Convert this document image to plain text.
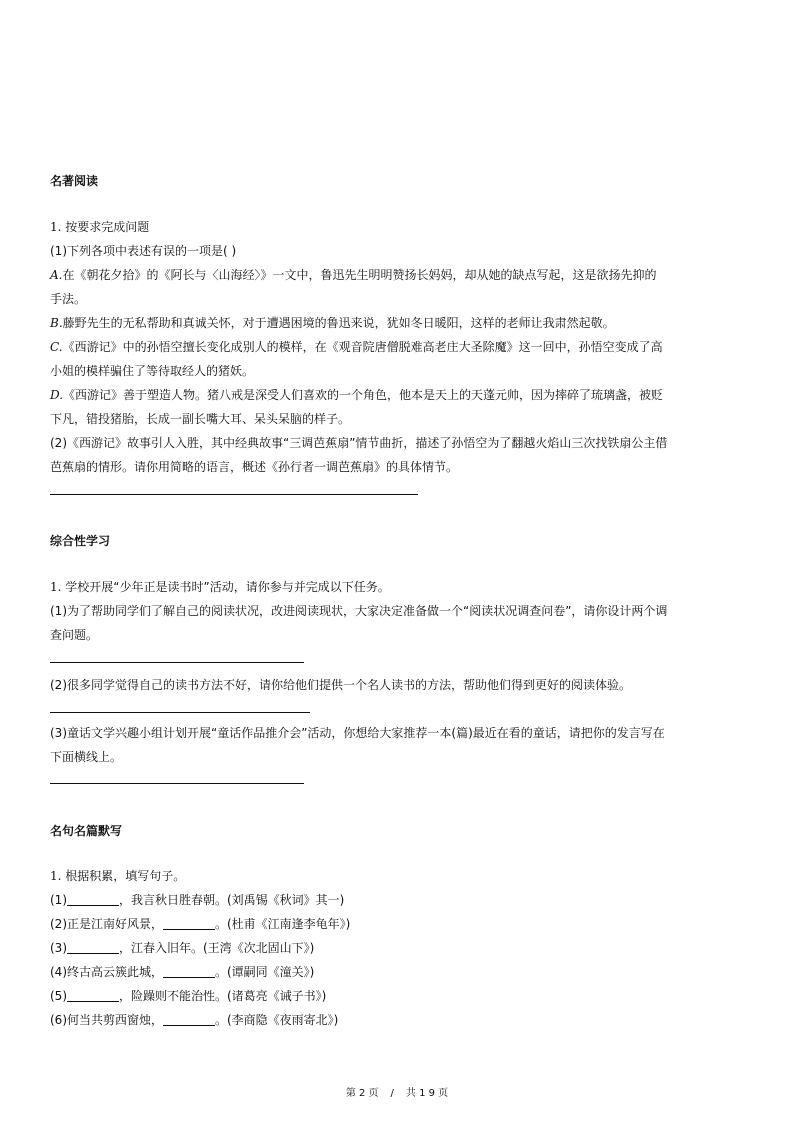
名著阅读
1. 按要求完成问题
(1)下列各项中表述有误的一项是( )
A.在《朝花夕拾》的《阿长与〈山海经〉》一文中，鲁迅先生明明赞扬长妈妈，却从她的缺点写起，这是欲扬先抑的
手法。
B.藤野先生的无私帮助和真诚关怀，对于遭遇困境的鲁迅来说，犹如冬日暖阳，这样的老师让我肃然起敬。
C.《西游记》中的孙悟空擅长变化成别人的模样，在《观音院唐僧脱难高老庄大圣除魔》这一回中，孙悟空变成了高
小姐的模样骗住了等待取经人的猪妖。
D.《西游记》善于塑造人物。猪八戒是深受人们喜欢的一个角色，他本是天上的天蓬元帅，因为摔碎了琉璃盏，被贬
下凡，错投猪胎，长成一副长嘴大耳、呆头呆脑的样子。
(2)《西游记》故事引人入胜，其中经典故事“三调芭蕉扇”情节曲折，描述了孙悟空为了翻越火焰山三次找铁扇公主借
芭蕉扇的情形。请你用简略的语言，概述《孙行者一调芭蕉扇》的具体情节。
综合性学习
1. 学校开展“少年正是读书时”活动，请你参与并完成以下任务。
(1)为了帮助同学们了解自己的阅读状况，改进阅读现状，大家决定准备做一个“阅读状况调查问卷”，请你设计两个调
查问题。
(2)很多同学觉得自己的读书方法不好，请你给他们提供一个名人读书的方法，帮助他们得到更好的阅读体验。
(3)童话文学兴趣小组计划开展“童话作品推介会”活动，你想给大家推荐一本(篇)最近在看的童话，请把你的发言写在
下面横线上。
名句名篇默写
1. 根据积累，填写句子。
(1)	，我言秋日胜春朝。(刘禹锡《秋词》其一)
(2)正是江南好风景，	。(杜甫《江南逢李龟年》)
(3)	，江春入旧年。(王湾《次北固山下》)
(4)终古高云簇此城，	。(谭嗣同《潼关》)
(5)	，险躁则不能治性。(诸葛亮《诫子书》)
(6)何当共剪西窗烛，	。(李商隐《夜雨寄北》)
第 2 页 / 共 1 9 页
